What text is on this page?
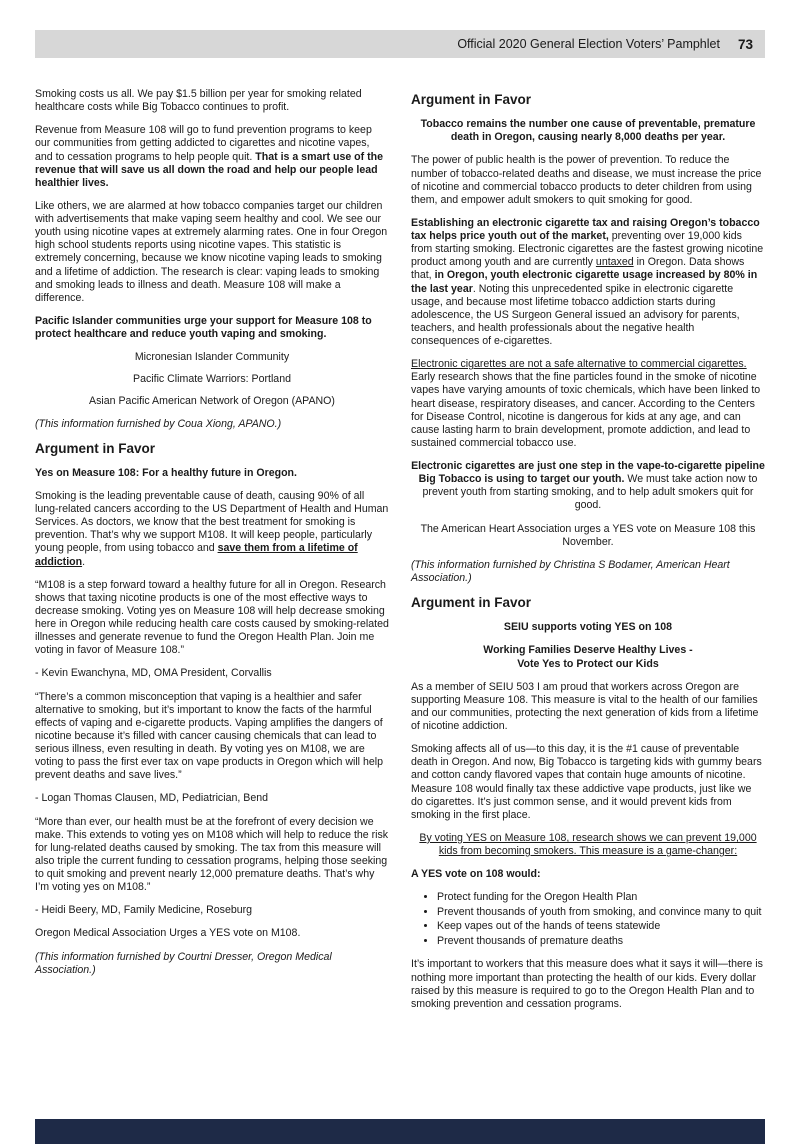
Official 2020 General Election Voters’ Pamphlet 73

Smoking costs us all. We pay $1.5 billion per year for smoking related healthcare costs while Big Tobacco continues to profit.

Revenue from Measure 108 will go to fund prevention programs to keep our communities from getting addicted to cigarettes and nicotine vapes, and to cessation programs to help people quit. That is a smart use of the revenue that will save us all down the road and help our people lead healthier lives.

Like others, we are alarmed at how tobacco companies target our children with advertisements that make vaping seem healthy and cool. We see our youth using nicotine vapes at extremely alarming rates. One in four Oregon high school students reports using nicotine vapes. This statistic is extremely concerning, because we know nicotine vaping leads to smoking and a lifetime of addiction. The research is clear: vaping leads to smoking and smoking leads to illness and death. Measure 108 will make a difference.

Pacific Islander communities urge your support for Measure 108 to protect healthcare and reduce youth vaping and smoking.

Micronesian Islander Community

Pacific Climate Warriors: Portland

Asian Pacific American Network of Oregon (APANO)

(This information furnished by Coua Xiong, APANO.)

Argument in Favor

Yes on Measure 108: For a healthy future in Oregon.

Smoking is the leading preventable cause of death, causing 90% of all lung-related cancers according to the US Department of Health and Human Services. As doctors, we know that the best treatment for smoking is prevention. That’s why we support M108. It will keep people, particularly young people, from using tobacco and save them from a lifetime of addiction.

“M108 is a step forward toward a healthy future for all in Oregon. Research shows that taxing nicotine products is one of the most effective ways to decrease smoking. Voting yes on Measure 108 will help decrease smoking here in Oregon while reducing health care costs caused by smoking-related illnesses and generate revenue to fund the Oregon Health Plan. Join me voting in favor of Measure 108.”

- Kevin Ewanchyna, MD, OMA President, Corvallis

“There’s a common misconception that vaping is a healthier and safer alternative to smoking, but it’s important to know the facts of the harmful effects of vaping and e-cigarette products. Vaping amplifies the dangers of nicotine because it’s filled with cancer causing chemicals that can lead to serious illness, even resulting in death. By voting yes on M108, we are voting to pass the first ever tax on vape products in Oregon which will help prevent deaths and save lives.”

- Logan Thomas Clausen, MD, Pediatrician, Bend

“More than ever, our health must be at the forefront of every decision we make. This extends to voting yes on M108 which will help to reduce the risk for lung-related deaths caused by smoking. The tax from this measure will also triple the current funding to cessation programs, helping those seeking to quit smoking and prevent nearly 12,000 premature deaths. That’s why I’m voting yes on M108.”

- Heidi Beery, MD, Family Medicine, Roseburg

Oregon Medical Association Urges a YES vote on M108.

(This information furnished by Courtni Dresser, Oregon Medical Association.)

Argument in Favor

Tobacco remains the number one cause of preventable, premature death in Oregon, causing nearly 8,000 deaths per year.

The power of public health is the power of prevention. To reduce the number of tobacco-related deaths and disease, we must increase the price of nicotine and commercial tobacco products to deter children from using them, and empower adult smokers to quit smoking for good.

Establishing an electronic cigarette tax and raising Oregon’s tobacco tax helps price youth out of the market, preventing over 19,000 kids from starting smoking. Electronic cigarettes are the fastest growing nicotine product among youth and are currently untaxed in Oregon. Data shows that, in Oregon, youth electronic cigarette usage increased by 80% in the last year. Noting this unprecedented spike in electronic cigarette usage, and because most lifetime tobacco addiction starts during adolescence, the US Surgeon General issued an advisory for parents, teachers, and health professionals about the negative health consequences of e-cigarettes.

Electronic cigarettes are not a safe alternative to commercial cigarettes. Early research shows that the fine particles found in the smoke of nicotine vapes have varying amounts of toxic chemicals, which have been linked to heart disease, respiratory diseases, and cancer. According to the Centers for Disease Control, nicotine is dangerous for kids at any age, and can cause lasting harm to brain development, promote addiction, and lead to sustained commercial tobacco use.

Electronic cigarettes are just one step in the vape-to-cigarette pipeline Big Tobacco is using to target our youth. We must take action now to prevent youth from starting smoking, and to help adult smokers quit for good.

The American Heart Association urges a YES vote on Measure 108 this November.

(This information furnished by Christina S Bodamer, American Heart Association.)

Argument in Favor

SEIU supports voting YES on 108

Working Families Deserve Healthy Lives -
Vote Yes to Protect our Kids

As a member of SEIU 503 I am proud that workers across Oregon are supporting Measure 108. This measure is vital to the health of our families and our communities, protecting the next generation of kids from a lifetime of nicotine addiction.

Smoking affects all of us—to this day, it is the #1 cause of preventable death in Oregon. And now, Big Tobacco is targeting kids with gummy bears and cotton candy flavored vapes that contain huge amounts of nicotine. Measure 108 would finally tax these addictive vape products, just like we do cigarettes. It’s just common sense, and it would prevent kids from smoking in the first place.

By voting YES on Measure 108, research shows we can prevent 19,000 kids from becoming smokers. This measure is a game-changer:

A YES vote on 108 would:

• Protect funding for the Oregon Health Plan
• Prevent thousands of youth from smoking, and convince many to quit
• Keep vapes out of the hands of teens statewide
• Prevent thousands of premature deaths

It’s important to workers that this measure does what it says it will—there is nothing more important than protecting the health of our kids. Every dollar raised by this measure is required to go to the Oregon Health Plan and to smoking prevention and cessation programs.
